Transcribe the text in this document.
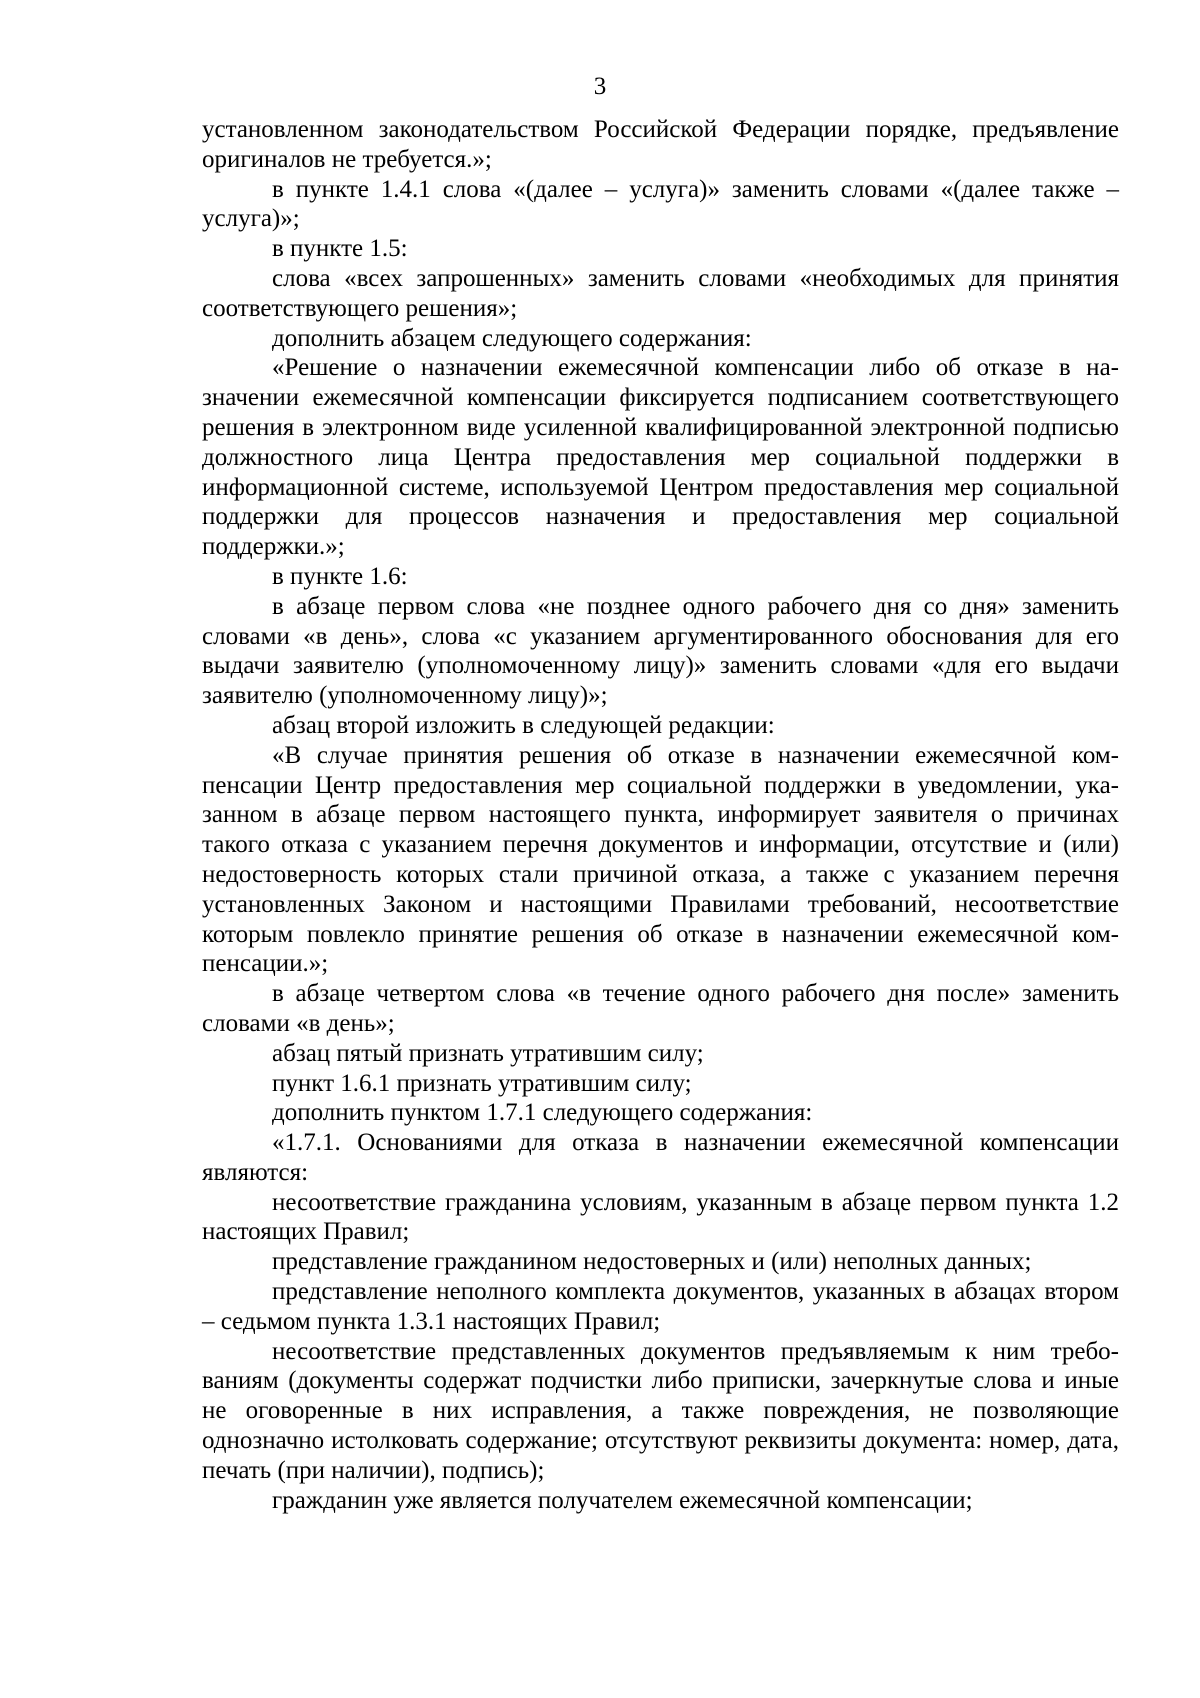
3

установленном законодательством Российской Федерации порядке, предъявление оригиналов не требуется.»;

в пункте 1.4.1 слова «(далее – услуга)» заменить словами «(далее также – услуга)»;

в пункте 1.5:

слова «всех запрошенных» заменить словами «необходимых для принятия соответствующего решения»;

дополнить абзацем следующего содержания:

«Решение о назначении ежемесячной компенсации либо об отказе в назначении ежемесячной компенсации фиксируется подписанием соответствующего решения в электронном виде усиленной квалифицированной электронной подписью должностного лица Центра предоставления мер социальной поддержки в информационной системе, используемой Центром предоставления мер социальной поддержки для процессов назначения и предоставления мер социальной поддержки.»;

в пункте 1.6:

в абзаце первом слова «не позднее одного рабочего дня со дня» заменить словами «в день», слова «с указанием аргументированного обоснования для его выдачи заявителю (уполномоченному лицу)» заменить словами «для его выдачи заявителю (уполномоченному лицу)»;

абзац второй изложить в следующей редакции:

«В случае принятия решения об отказе в назначении ежемесячной компенсации Центр предоставления мер социальной поддержки в уведомлении, указанном в абзаце первом настоящего пункта, информирует заявителя о причинах такого отказа с указанием перечня документов и информации, отсутствие и (или) недостоверность которых стали причиной отказа, а также с указанием перечня установленных Законом и настоящими Правилами требований, несоответствие которым повлекло принятие решения об отказе в назначении ежемесячной компенсации.»;

в абзаце четвертом слова «в течение одного рабочего дня после» заменить словами «в день»;

абзац пятый признать утратившим силу;

пункт 1.6.1 признать утратившим силу;

дополнить пунктом 1.7.1 следующего содержания:

«1.7.1. Основаниями для отказа в назначении ежемесячной компенсации являются:

несоответствие гражданина условиям, указанным в абзаце первом пункта 1.2 настоящих Правил;

представление гражданином недостоверных и (или) неполных данных;

представление неполного комплекта документов, указанных в абзацах втором – седьмом пункта 1.3.1 настоящих Правил;

несоответствие представленных документов предъявляемым к ним требованиям (документы содержат подчистки либо приписки, зачеркнутые слова и иные не оговоренные в них исправления, а также повреждения, не позволяющие однозначно истолковать содержание; отсутствуют реквизиты документа: номер, дата, печать (при наличии), подпись);

гражданин уже является получателем ежемесячной компенсации;
